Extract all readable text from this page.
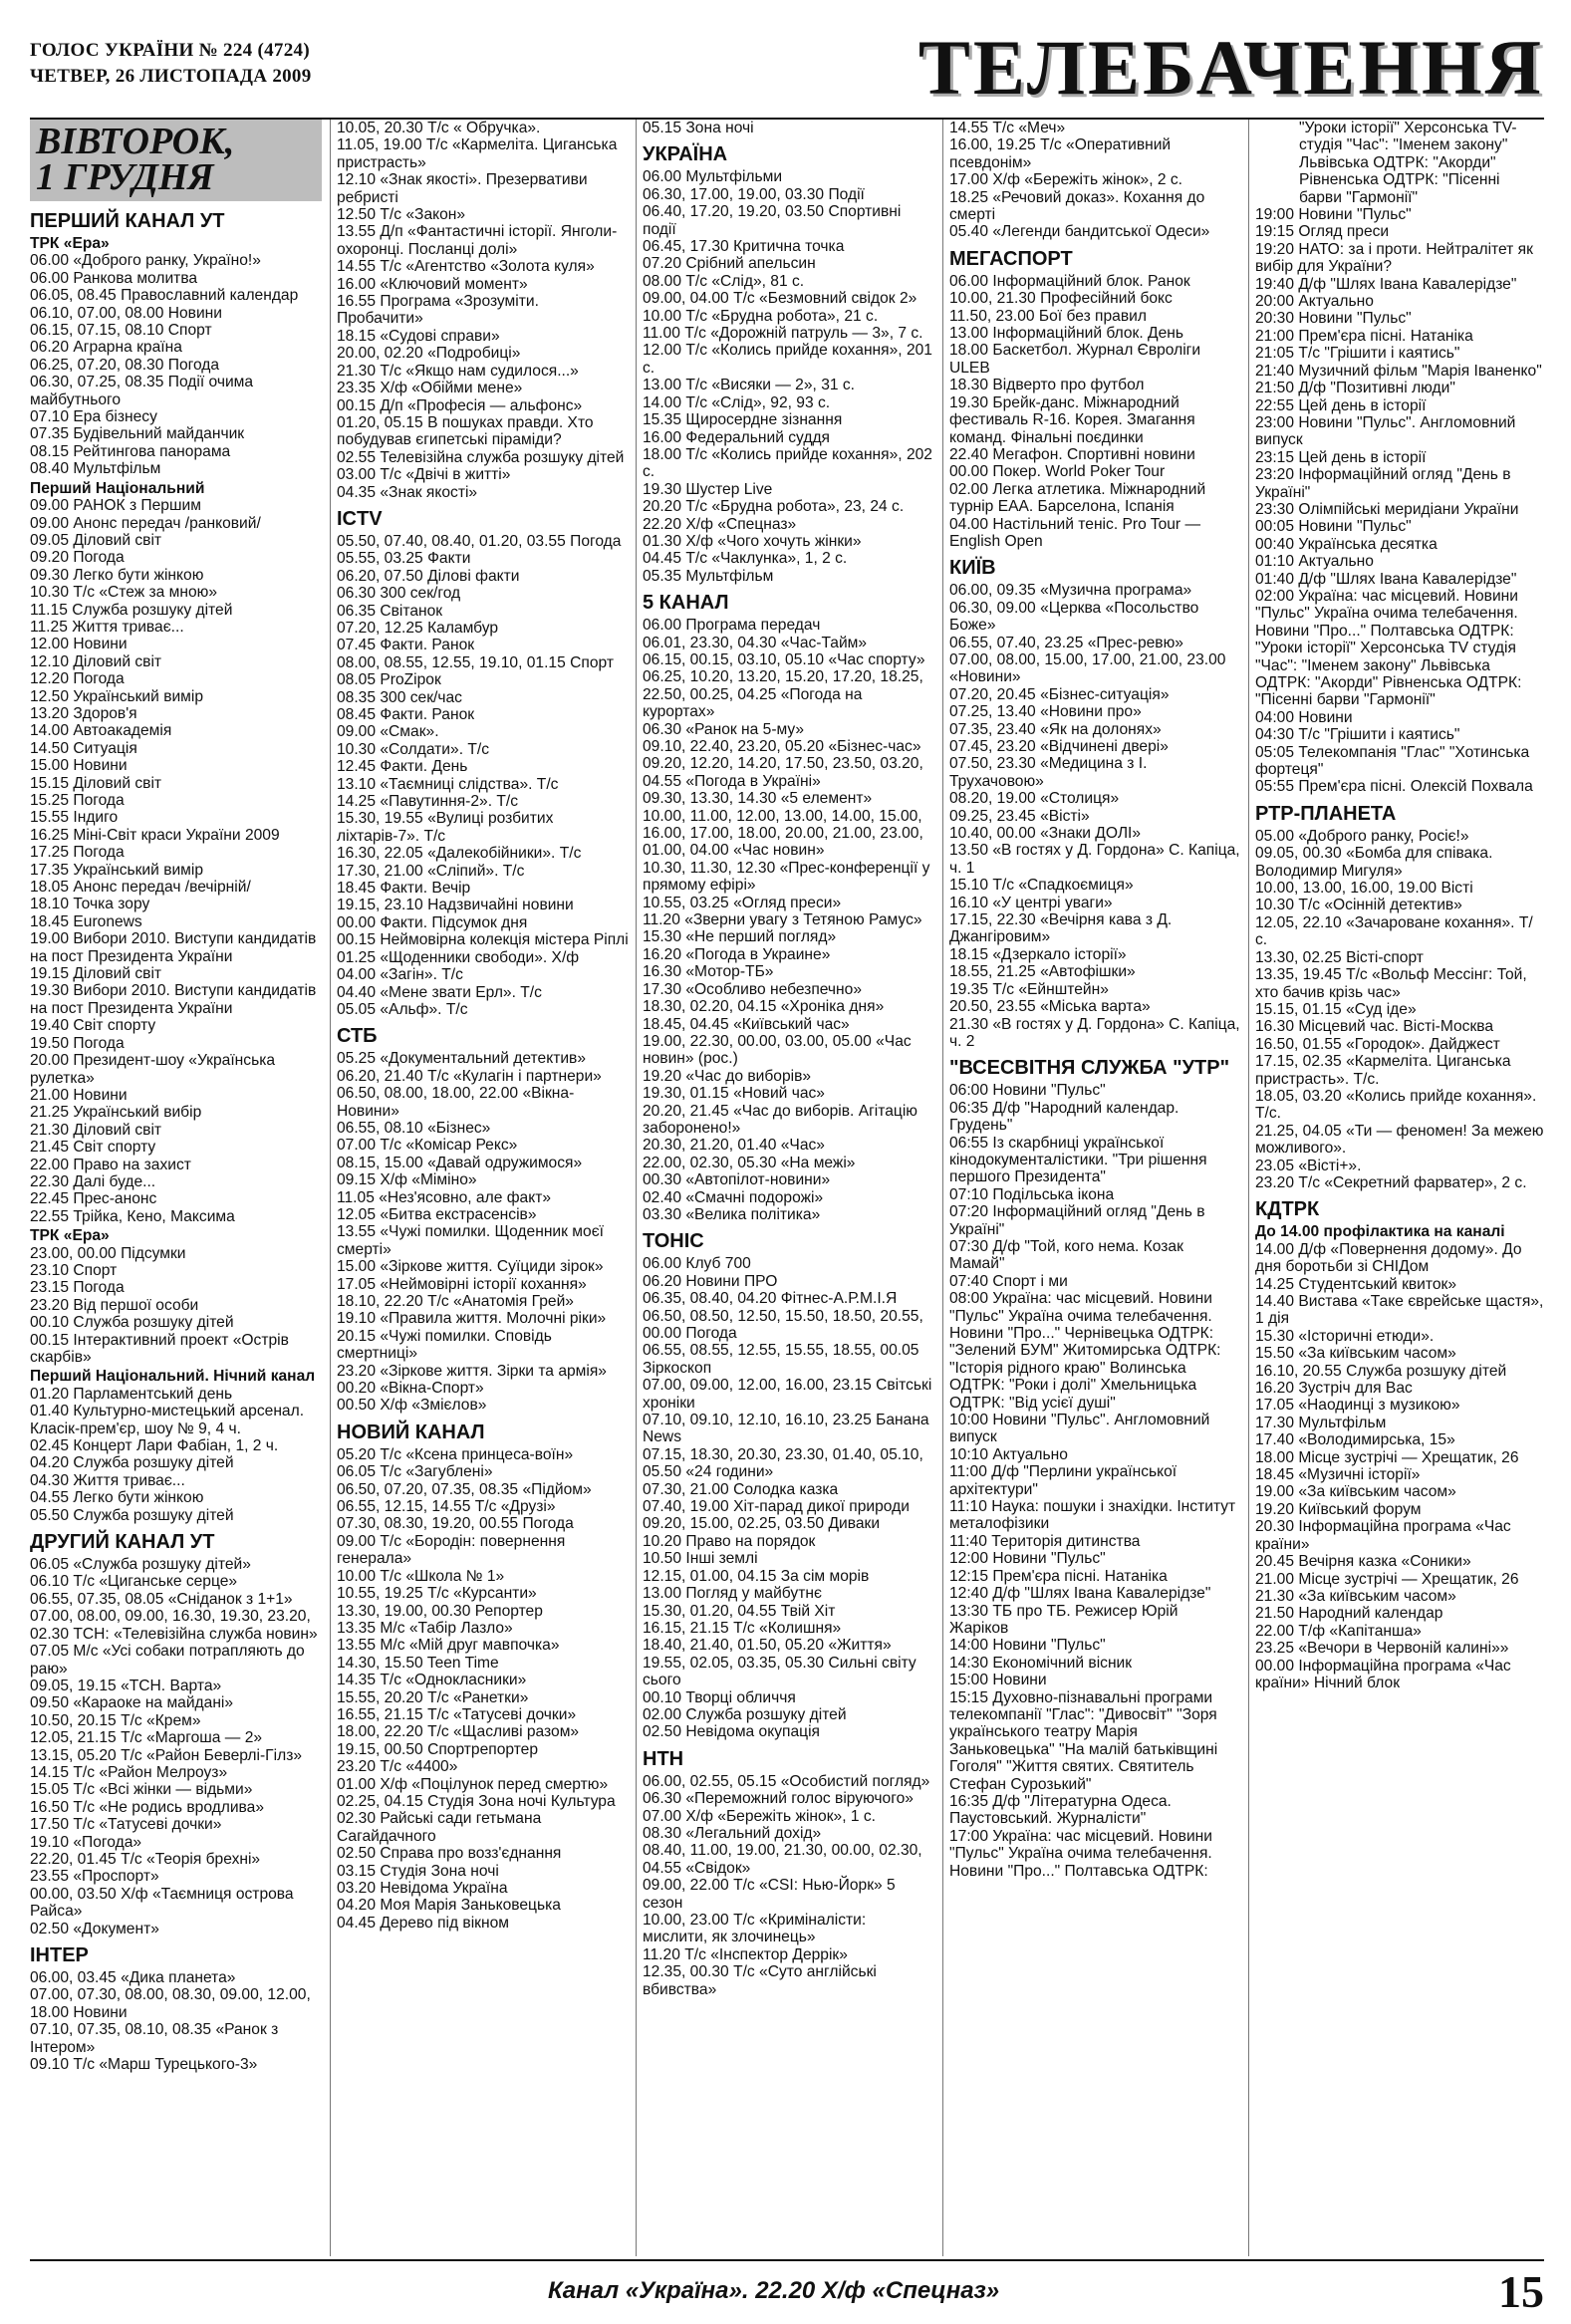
ГОЛОС УКРАЇНИ № 224 (4724)
ЧЕТВЕР, 26 ЛИСТОПАДА 2009	ТЕЛЕБАЧЕННЯ
ВІВТОРОК,
1 ГРУДНЯ
ПЕРШИЙ КАНАЛ УТ
ТРК «Ера»
06.00 «Доброго ранку, Україно!»
06.00 Ранкова молитва
06.05, 08.45 Православний календар
06.10, 07.00, 08.00 Новини
06.15, 07.15, 08.10 Спорт
06.20 Аграрна країна
06.25, 07.20, 08.30 Погода
06.30, 07.25, 08.35 Події очима майбутнього
07.10 Ера бізнесу
07.35 Будівельний майданчик
08.15 Рейтингова панорама
08.40 Мультфільм
Перший Національний
09.00 РАНОК з Першим
09.00 Анонс передач /ранковий/
09.05 Діловий світ
09.20 Погода
09.30 Легко бути жінкою
10.30 Т/с «Стеж за мною»
11.15 Служба розшуку дітей
11.25 Життя триває...
12.00 Новини
12.10 Діловий світ
12.20 Погода
12.50 Український вимір
13.20 Здоров'я
14.00 Автоакадемія
14.50 Ситуація
15.00 Новини
15.15 Діловий світ
15.25 Погода
15.55 Індиго
16.25 Міні-Світ краси України 2009
17.25 Погода
17.35 Український вимір
18.05 Анонс передач /вечірній/
18.10 Точка зору
18.45 Euronews
19.00 Вибори 2010. Виступи кандидатів на пост Президента України
19.15 Діловий світ
19.30 Вибори 2010. Виступи кандидатів на пост Президента України
19.40 Світ спорту
19.50 Погода
20.00 Президент-шоу «Українська рулетка»
21.00 Новини
21.25 Український вибір
21.30 Діловий світ
21.45 Світ спорту
22.00 Право на захист
22.30 Далі буде...
22.45 Прес-анонс
22.55 Трійка, Кено, Максима
ТРК «Ера»
23.00, 00.00 Підсумки
23.10 Спорт
23.15 Погода
23.20 Від першої особи
00.10 Служба розшуку дітей
00.15 Інтерактивний проект «Острів скарбів»
Перший Національний. Нічний канал
01.20 Парламентський день
01.40 Культурно-мистецький арсенал. Класік-прем'єр, шоу № 9, 4 ч.
02.45 Концерт Лари Фабіан, 1, 2 ч.
04.20 Служба розшуку дітей
04.30 Життя триває...
04.55 Легко бути жінкою
05.50 Служба розшуку дітей
ДРУГИЙ КАНАЛ УТ
06.05 «Служба розшуку дітей»
06.10 Т/с «Циганське серце»
06.55, 07.35, 08.05 «Сніданок з 1+1»
07.00, 08.00, 09.00, 16.30, 19.30, 23.20, 02.30 ТСН: «Телевізійна служба новин»
07.05 М/с «Усі собаки потрапляють до раю»
09.05, 19.15 «ТСН. Варта»
09.50 «Караоке на майдані»
10.50, 20.15 Т/с «Крем»
12.05, 21.15 Т/с «Маргоша — 2»
13.15, 05.20 Т/с «Район Беверлі-Гілз»
14.15 Т/с «Район Мелроуз»
15.05 Т/с «Всі жінки — відьми»
16.50 Т/с «Не родись вродлива»
17.50 Т/с «Татусеві дочки»
19.10 «Погода»
22.20, 01.45 Т/с «Теорія брехні»
23.55 «Проспорт»
00.00, 03.50 Х/ф «Таємниця острова Райса»
02.50 «Документ»
ІНТЕР
06.00, 03.45 «Дика планета»
07.00, 07.30, 08.00, 08.30, 09.00, 12.00, 18.00 Новини
07.10, 07.35, 08.10, 08.35 «Ранок з Інтером»
09.10 Т/с «Марш Турецького-3»
10.05, 20.30 Т/с « Обручка».
11.05, 19.00 Т/с «Кармеліта. Циганська пристрасть»
12.10 «Знак якості». Презервативи ребристі
12.50 Т/с «Закон»
13.55 Д/п «Фантастичні історії. Янголи-охоронці. Посланці долі»
14.55 Т/с «Агентство «Золота куля»
16.00 «Ключовий момент»
16.55 Програма «Зрозуміти. Пробачити»
18.15 «Судові справи»
20.00, 02.20 «Подробиці»
21.30 Т/с «Якщо нам судилося...»
23.35 Х/ф «Обійми мене»
00.15 Д/п «Професія — альфонс»
01.20, 05.15 В пошуках правди. Хто побудував єгипетські піраміди?
02.55 Телевізійна служба розшуку дітей
03.00 Т/с «Двічі в житті»
04.35 «Знак якості»
ICTV
05.50, 07.40, 08.40, 01.20, 03.55 Погода
05.55, 03.25 Факти
06.20, 07.50 Ділові факти
06.30 300 сек/год
06.35 Світанок
07.20, 12.25 Каламбур
07.45 Факти. Ранок
08.00, 08.55, 12.55, 19.10, 01.15 Спорт
08.05 ProZірок
08.35 300 сек/час
08.45 Факти. Ранок
09.00 «Смак».
10.30 «Солдати». Т/с
12.45 Факти. День
13.10 «Таємниці слідства». Т/с
14.25 «Павутиння-2». Т/с
15.30, 19.55 «Вулиці розбитих ліхтарів-7». Т/с
16.30, 22.05 «Далекобійники». Т/с
17.30, 21.00 «Сліпий». Т/с
18.45 Факти. Вечір
19.15, 23.10 Надзвичайні новини
00.00 Факти. Підсумок дня
00.15 Неймовірна колекція містера Ріплі
01.25 «Щоденники свободи». Х/ф
04.00 «Загін». Т/с
04.40 «Мене звати Ерл». Т/с
05.05 «Альф». Т/с
СТБ
05.25 «Документальний детектив»
06.20, 21.40 Т/с «Кулагін і партнери»
06.50, 08.00, 18.00, 22.00 «Вікна-Новини»
06.55, 08.10 «Бізнес»
07.00 Т/с «Комісар Рекс»
08.15, 15.00 «Давай одружимося»
09.15 Х/ф «Міміно»
11.05 «Нез'ясовно, але факт»
12.05 «Битва екстрасенсів»
13.55 «Чужі помилки. Щоденник моєї смерті»
15.00 «Зіркове життя. Суїциди зірок»
17.05 «Неймовірні історії кохання»
18.10, 22.20 Т/с «Анатомія Грей»
19.10 «Правила життя. Молочні ріки»
20.15 «Чужі помилки. Сповідь смертниці»
23.20 «Зіркове життя. Зірки та армія»
00.20 «Вікна-Спорт»
00.50 Х/ф «Змієлов»
НОВИЙ КАНАЛ
05.20 Т/с «Ксена принцеса-воїн»
06.05 Т/с «Загублені»
06.50, 07.20, 07.35, 08.35 «Підйом»
06.55, 12.15, 14.55 Т/с «Друзі»
07.30, 08.30, 19.20, 00.55 Погода
09.00 Т/с «Бородін: повернення генерала»
10.00 Т/с «Школа № 1»
10.55, 19.25 Т/с «Курсанти»
13.30, 19.00, 00.30 Репортер
13.35 М/с «Табір Лазло»
13.55 М/с «Мій друг мавпочка»
14.30, 15.50 Teen Time
14.35 Т/с «Однокласники»
15.55, 20.20 Т/с «Ранетки»
16.55, 21.15 Т/с «Татусеві дочки»
18.00, 22.20 Т/с «Щасливі разом»
19.15, 00.50 Спортрепортер
23.20 Т/с «4400»
01.00 Х/ф «Поцілунок перед смертю»
02.25, 04.15 Студія Зона ночі Культура
02.30 Райські сади гетьмана Сагайдачного
02.50 Справа про возз'єднання
03.15 Студія Зона ночі
03.20 Невідома Україна
04.20 Моя Марія Заньковецька
04.45 Дерево під вікном
05.15 Зона ночі
УКРАЇНА
06.00 Мультфільми
06.30, 17.00, 19.00, 03.30 Події
06.40, 17.20, 19.20, 03.50 Спортивні події
06.45, 17.30 Критична точка
07.20 Срібний апельсин
08.00 Т/с «Слід», 81 с.
09.00, 04.00 Т/с «Безмовний свідок 2»
10.00 Т/с «Брудна робота», 21 с.
11.00 Т/с «Дорожній патруль — 3», 7 с.
12.00 Т/с «Колись прийде кохання», 201 с.
13.00 Т/с «Висяки — 2», 31 с.
14.00 Т/с «Слід», 92, 93 с.
15.35 Щиросердне зізнання
16.00 Федеральний суддя
18.00 Т/с «Колись прийде кохання», 202 с.
19.30 Шустер Live
20.20 Т/с «Брудна робота», 23, 24 с.
22.20 Х/ф «Спецназ»
01.30 Х/ф «Чого хочуть жінки»
04.45 Т/с «Чаклунка», 1, 2 с.
05.35 Мультфільм
5 КАНАЛ
06.00 Програма передач
06.01, 23.30, 04.30 «Час-Тайм»
06.15, 00.15, 03.10, 05.10 «Час спорту»
06.25, 10.20, 13.20, 15.20, 17.20, 18.25, 22.50, 00.25, 04.25 «Погода на курортах»
06.30 «Ранок на 5-му»
09.10, 22.40, 23.20, 05.20 «Бізнес-час»
09.20, 12.20, 14.20, 17.50, 23.50, 03.20, 04.55 «Погода в Україні»
09.30, 13.30, 14.30 «5 елемент»
10.00, 11.00, 12.00, 13.00, 14.00, 15.00, 16.00, 17.00, 18.00, 20.00, 21.00, 23.00, 01.00, 04.00 «Час новин»
10.30, 11.30, 12.30 «Прес-конференції у прямому ефірі»
10.55, 03.25 «Огляд преси»
11.20 «Зверни увагу з Тетяною Рамус»
15.30 «Не перший погляд»
16.20 «Погода в Украине»
16.30 «Мотор-ТБ»
17.30 «Особливо небезпечно»
18.30, 02.20, 04.15 «Хроніка дня»
18.45, 04.45 «Київський час»
19.00, 22.30, 00.00, 03.00, 05.00 «Час новин» (рос.)
19.20 «Час до виборів»
19.30, 01.15 «Новий час»
20.20, 21.45 «Час до виборів. Агітацію заборонено!»
20.30, 21.20, 01.40 «Час»
22.00, 02.30, 05.30 «На межі»
00.30 «Автопілот-новини»
02.40 «Смачні подорожі»
03.30 «Велика політика»
ТОНІС
06.00 Клуб 700
06.20 Новини ПРО
06.35, 08.40, 04.20 Фітнес-А.Р.М.І.Я
06.50, 08.50, 12.50, 15.50, 18.50, 20.55, 00.00 Погода
06.55, 08.55, 12.55, 15.55, 18.55, 00.05 Зіркоскоп
07.00, 09.00, 12.00, 16.00, 23.15 Світські хроніки
07.10, 09.10, 12.10, 16.10, 23.25 Банана News
07.15, 18.30, 20.30, 23.30, 01.40, 05.10, 05.50 «24 години»
07.30, 21.00 Солодка казка
07.40, 19.00 Хіт-парад дикої природи
09.20, 15.00, 02.25, 03.50 Диваки
10.20 Право на порядок
10.50 Інші землі
12.15, 01.00, 04.15 За сім морів
13.00 Погляд у майбутнє
15.30, 01.20, 04.55 Твій Хіт
16.15, 21.15 Т/с «Колишня»
18.40, 21.40, 01.50, 05.20 «Життя»
19.55, 02.05, 03.35, 05.30 Сильні світу сього
00.10 Творці обличчя
02.00 Служба розшуку дітей
02.50 Невідома окупація
НТН
06.00, 02.55, 05.15 «Особистий погляд»
06.30 «Переможний голос віруючого»
07.00 Х/ф «Бережіть жінок», 1 с.
08.30 «Легальний дохід»
08.40, 11.00, 19.00, 21.30, 00.00, 02.30, 04.55 «Свідок»
09.00, 22.00 Т/с «CSI: Нью-Йорк» 5 сезон
10.00, 23.00 Т/с «Криміналісти: мислити, як злочинець»
11.20 Т/с «Інспектор Деррік»
12.35, 00.30 Т/с «Суто англійські вбивства»
14.55 Т/с «Меч»
16.00, 19.25 Т/с «Оперативний псевдонім»
17.00 Х/ф «Бережіть жінок», 2 с.
18.25 «Речовий доказ». Кохання до смерті
05.40 «Легенди бандитської Одеси»
МЕГАСПОРТ
06.00 Інформаційний блок. Ранок
10.00, 21.30 Професійний бокс
11.50, 23.00 Бої без правил
13.00 Інформаційний блок. День
18.00 Баскетбол. Журнал Євроліги ULEB
18.30 Відверто про футбол
19.30 Брейк-данс. Міжнародний фестиваль R-16. Корея. Змагання команд. Фінальні поєдинки
22.40 Мегафон. Спортивні новини
00.00 Покер. World Poker Tour
02.00 Легка атлетика. Міжнародний турнір ЕАА. Барселона, Іспанія
04.00 Настільний теніс. Pro Tour — English Open
КИЇВ
06.00, 09.35 «Музична програма»
06.30, 09.00 «Церква «Посольство Боже»
06.55, 07.40, 23.25 «Прес-ревю»
07.00, 08.00, 15.00, 17.00, 21.00, 23.00 «Новини»
07.20, 20.45 «Бізнес-ситуація»
07.25, 13.40 «Новини про»
07.35, 23.40 «Як на долонях»
07.45, 23.20 «Відчинені двері»
07.50, 23.30 «Медицина з І. Трухачовою»
08.20, 19.00 «Столиця»
09.25, 23.45 «Вісті»
10.40, 00.00 «Знаки ДОЛІ»
13.50 «В гостях у Д. Гордона» С. Капіца, ч. 1
15.10 Т/с «Спадкоємиця»
16.10 «У центрі уваги»
17.15, 22.30 «Вечірня кава з Д. Джангіровим»
18.15 «Дзеркало історії»
18.55, 21.25 «Автофішки»
19.35 Т/с «Ейнштейн»
20.50, 23.55 «Міська варта»
21.30 «В гостях у Д. Гордона» С. Капіца, ч. 2
"ВСЕСВІТНЯ СЛУЖБА "УТР"
06:00 Новини "Пульс"
06:35 Д/ф "Народний календар. Грудень"
06:55 Із скарбниці української кінодокументалістики. "Три рішення першого Президента"
07:10 Подільська ікона
07:20 Інформаційний огляд "День в Україні"
07:30 Д/ф "Той, кого нема. Козак Мамай"
07:40 Спорт і ми
08:00 Україна: час місцевий. Новини "Пульс" Україна очима телебачення. Новини "Про..." Чернівецька ОДТРК: "Зелений БУМ" Житомирська ОДТРК: "Історія рідного краю" Волинська ОДТРК: "Роки і долі" Хмельницька ОДТРК: "Від усієї душі"
10:00 Новини "Пульс". Англомовний випуск
10:10 Актуально
11:00 Д/ф "Перлини української архітектури"
11:10 Наука: пошуки і знахідки. Інститут металофізики
11:40 Територія дитинства
12:00 Новини "Пульс"
12:15 Прем'єра пісні. Натаніка
12:40 Д/ф "Шлях Івана Кавалерідзе"
13:30 ТБ про ТБ. Режисер Юрій Жаріков
14:00 Новини "Пульс"
14:30 Економічний вісник
15:00 Новини
15:15 Духовно-пізнавальні програми телекомпанії "Глас": "Дивосвіт" "Зоря українського театру Марія Заньковецька" "На малій батьківщині Гоголя" "Життя святих. Святитель Стефан Сурозький"
16:35 Д/ф "Літературна Одеса. Паустовський. Журналісти"
17:00 Україна: час місцевий. Новини "Пульс" Україна очима телебачення. Новини "Про..." Полтавська ОДТРК:
"Уроки історії" Херсонська TV-студія "Час": "Іменем закону" Львівська ОДТРК: "Акорди" Рівненська ОДТРК: "Пісенні барви "Гармонії"
19:00 Новини "Пульс"
19:15 Огляд преси
19:20 НАТО: за і проти. Нейтралітет як вибір для України?
19:40 Д/ф "Шлях Івана Кавалерідзе"
20:00 Актуально
20:30 Новини "Пульс"
21:00 Прем'єра пісні. Натаніка
21:05 Т/с "Грішити і каятись"
21:40 Музичний фільм "Марія Іваненко"
21:50 Д/ф "Позитивні люди"
22:55 Цей день в історії
23:00 Новини "Пульс". Англомовний випуск
23:15 Цей день в історії
23:20 Інформаційний огляд "День в Україні"
23:30 Олімпійські меридіани України
00:05 Новини "Пульс"
00:40 Українська десятка
01:10 Актуально
01:40 Д/ф "Шлях Івана Кавалерідзе"
02:00 Україна: час місцевий. Новини "Пульс" Україна очима телебачення. Новини "Про..." Полтавська ОДТРК: "Уроки історії" Херсонська TV студія "Час": "Іменем закону" Львівська ОДТРК: "Акорди" Рівненська ОДТРК: "Пісенні барви "Гармонії"
04:00 Новини
04:30 Т/с "Грішити і каятись"
05:05 Телекомпанія "Глас" "Хотинська фортеця"
05:55 Прем'єра пісні. Олексій Похвала
РТР-ПЛАНЕТА
05.00 «Доброго ранку, Росіє!»
09.05, 00.30 «Бомба для співака. Володимир Мигуля»
10.00, 13.00, 16.00, 19.00 Вісті
10.30 Т/с «Осінній детектив»
12.05, 22.10 «Зачароване кохання». Т/с.
13.30, 02.25 Вісті-спорт
13.35, 19.45 Т/с «Вольф Мессінг: Той, хто бачив крізь час»
15.15, 01.15 «Суд іде»
16.30 Місцевий час. Вісті-Москва
16.50, 01.55 «Городок». Дайджест
17.15, 02.35 «Кармеліта. Циганська пристрасть». Т/с.
18.05, 03.20 «Колись прийде кохання». Т/с.
21.25, 04.05 «Ти — феномен! За межею можливого».
23.05 «Вісті+».
23.20 Т/с «Секретний фарватер», 2 с.
КДТРК
До 14.00 профілактика на каналі
14.00 Д/ф «Повернення додому». До дня боротьби зі СНІДом
14.25 Студентський квиток»
14.40 Вистава «Таке єврейське щастя», 1 дія
15.30 «Історичні етюди».
15.50 «За київським часом»
16.10, 20.55 Служба розшуку дітей
16.20 Зустріч для Вас
17.05 «Наодинці з музикою»
17.30 Мультфільм
17.40 «Володимирська, 15»
18.00 Місце зустрічі — Хрещатик, 26
18.45 «Музичні історії»
19.00 «За київським часом»
19.20 Київський форум
20.30 Інформаційна програма «Час країни»
20.45 Вечірня казка «Соники»
21.00 Місце зустрічі — Хрещатик, 26
21.30 «За київським часом»
21.50 Народний календар
22.00 Т/ф «Капітанша»
23.25 «Вечори в Червоній калині»»
00.00 Інформаційна програма «Час країни» Нічний блок
Канал «Україна». 22.20 Х/ф «Спецназ»	15
